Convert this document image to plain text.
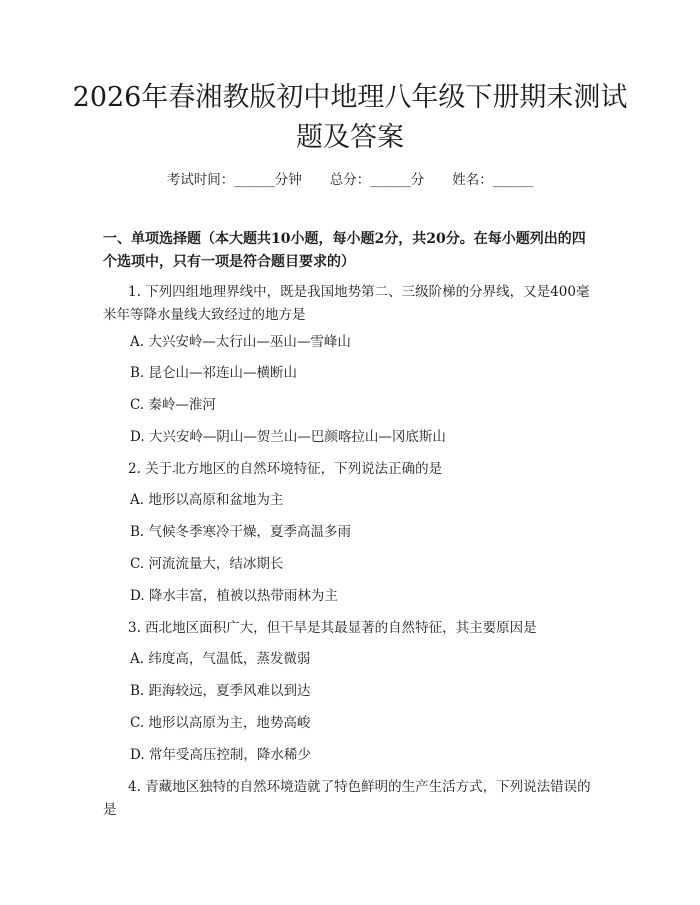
2026年春湘教版初中地理八年级下册期末测试题及答案
考试时间：______分钟 总分：______分 姓名：______

一、单项选择题（本大题共10小题，每小题2分，共20分。在每小题列出的四个选项中，只有一项是符合题目要求的）

1. 下列四组地理界线中，既是我国地势第二、三级阶梯的分界线，又是400毫米年等降水量线大致经过的地方是

A. 大兴安岭—太行山—巫山—雪峰山

B. 昆仑山—祁连山—横断山

C. 秦岭—淮河

D. 大兴安岭—阴山—贺兰山—巴颜喀拉山—冈底斯山

2. 关于北方地区的自然环境特征，下列说法正确的是

A. 地形以高原和盆地为主

B. 气候冬季寒冷干燥，夏季高温多雨

C. 河流流量大，结冰期长

D. 降水丰富，植被以热带雨林为主

3. 西北地区面积广大，但干旱是其最显著的自然特征，其主要原因是

A. 纬度高，气温低，蒸发微弱

B. 距海较远，夏季风难以到达

C. 地形以高原为主，地势高峻

D. 常年受高压控制，降水稀少

4. 青藏地区独特的自然环境造就了特色鲜明的生产生活方式，下列说法错误的是
